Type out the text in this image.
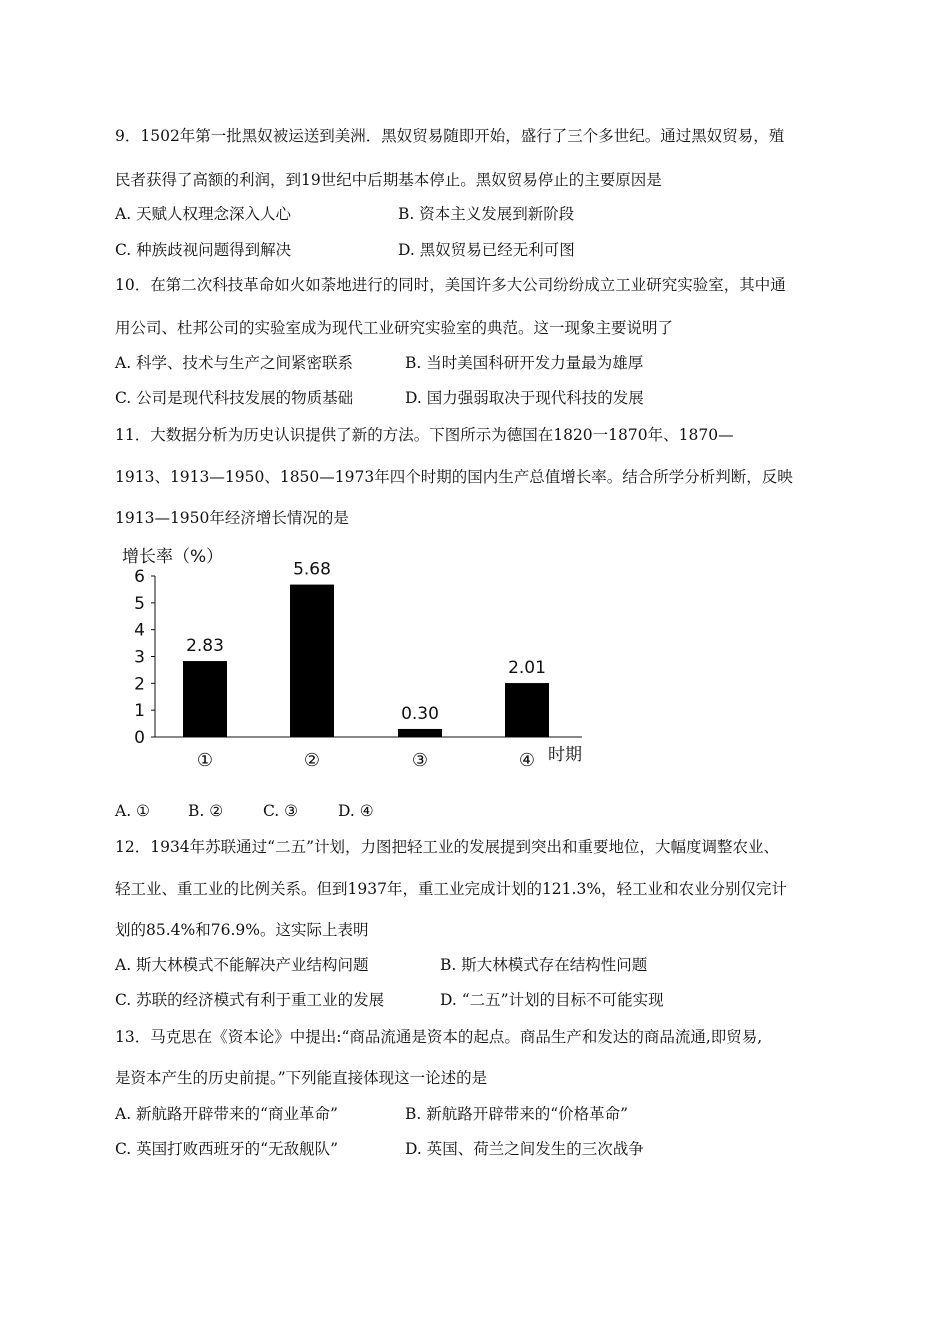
9．1502年第一批黑奴被运送到美洲．黑奴贸易随即开始，盛行了三个多世纪。通过黑奴贸易，殖
民者获得了高额的利润，到19世纪中后期基本停止。黑奴贸易停止的主要原因是
A. 天赋人权理念深入人心	B. 资本主义发展到新阶段
C. 种族歧视问题得到解决	D. 黑奴贸易已经无利可图
10．在第二次科技革命如火如荼地进行的同时，美国许多大公司纷纷成立工业研究实验室，其中通
用公司、杜邦公司的实验室成为现代工业研究实验室的典范。这一现象主要说明了
A. 科学、技术与生产之间紧密联系	B. 当时美国科研开发力量最为雄厚
C. 公司是现代科技发展的物质基础	D. 国力强弱取决于现代科技的发展
11．大数据分析为历史认识提供了新的方法。下图所示为德国在1820一1870年、1870—
1913、1913—1950、1850—1973年四个时期的国内生产总值增长率。结合所学分析判断，反映
1913—1950年经济增长情况的是
增长率（%）
0
1
2
3
4
5
6
2.83
①
5.68
②
0.30
③
2.01
④ 时期
A. ① B. ②	C. ③	D. ④
12．1934年苏联通过“二五”计划，力图把轻工业的发展提到突出和重要地位，大幅度调整农业、
轻工业、重工业的比例关系。但到1937年，重工业完成计划的121.3%，轻工业和农业分别仅完计
划的85.4%和76.9%。这实际上表明
A. 斯大林模式不能解决产业结构问题	B. 斯大林模式存在结构性问题
C. 苏联的经济模式有利于重工业的发展	D. “二五”计划的目标不可能实现
13．马克思在《资本论》中提出:“商品流通是资本的起点。商品生产和发达的商品流通,即贸易,
是资本产生的历史前提。”下列能直接体现这一论述的是
A. 新航路开辟带来的“商业革命”	B. 新航路开辟带来的“价格革命”
C. 英国打败西班牙的“无敌舰队”	D. 英国、荷兰之间发生的三次战争
